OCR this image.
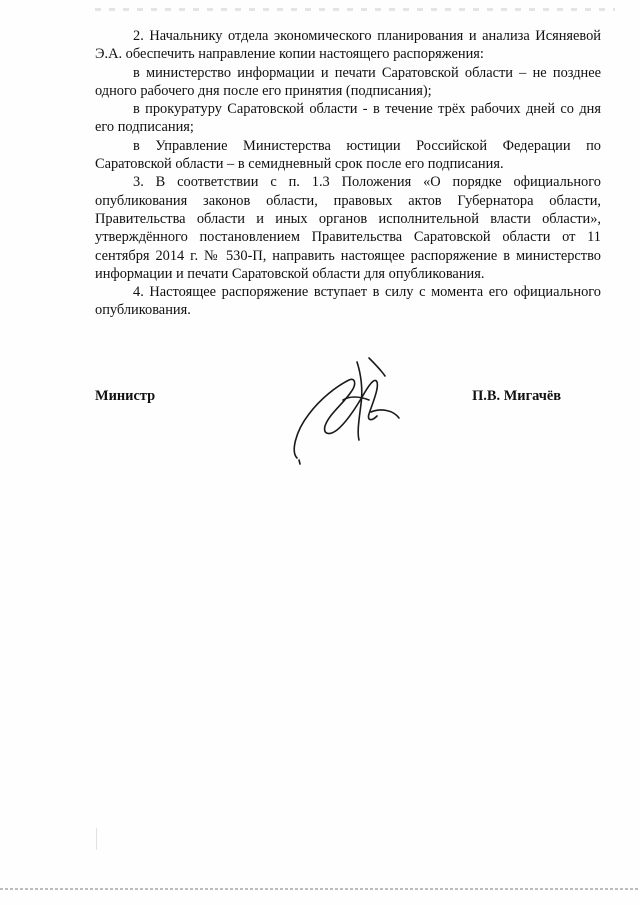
2. Начальнику отдела экономического планирования и анализа Исяняевой Э.А. обеспечить направление копии настоящего распоряжения:

в министерство информации и печати Саратовской области – не позднее одного рабочего дня после его принятия (подписания);

в прокуратуру Саратовской области - в течение трёх рабочих дней со дня его подписания;

в Управление Министерства юстиции Российской Федерации по Саратовской области – в семидневный срок после его подписания.

3. В соответствии с п. 1.3 Положения «О порядке официального опубликования законов области, правовых актов Губернатора области, Правительства области и иных органов исполнительной власти области», утверждённого постановлением Правительства Саратовской области от 11 сентября 2014 г. № 530-П, направить настоящее распоряжение в министерство информации и печати Саратовской области для опубликования.

4. Настоящее распоряжение вступает в силу с момента его официального опубликования.

Министр	П.В. Мигачёв
